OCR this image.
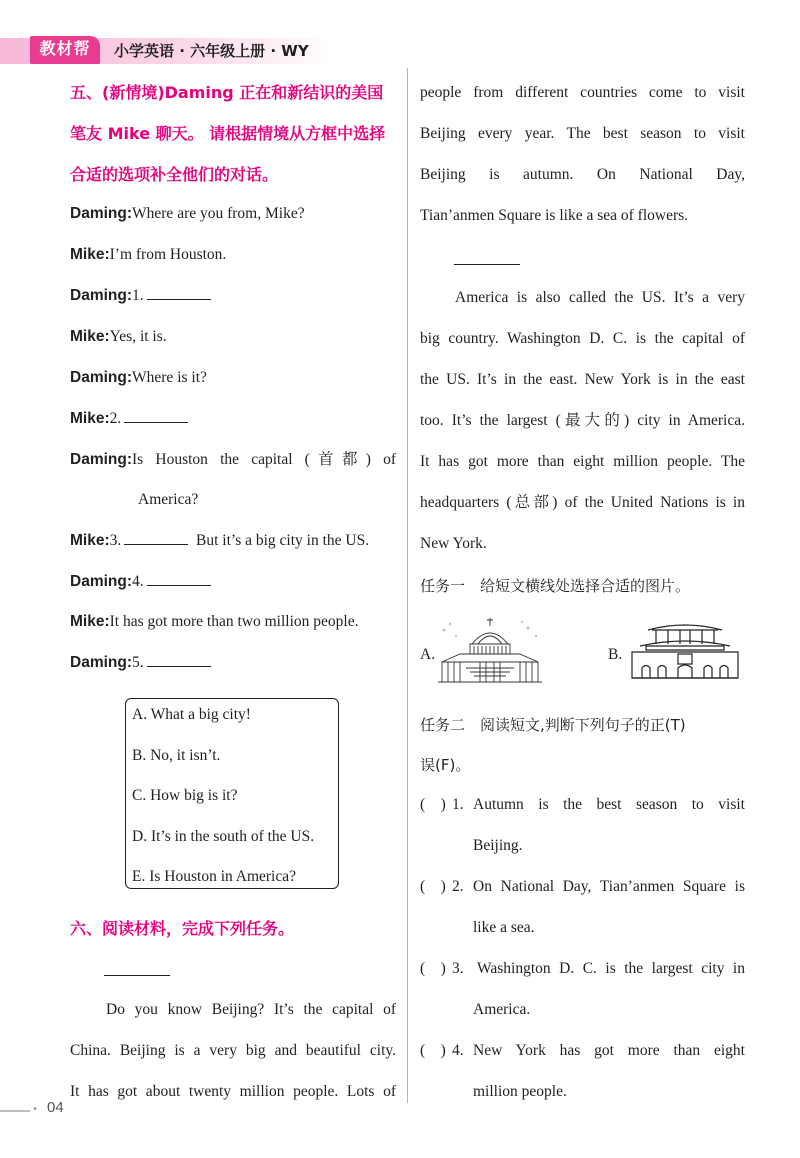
教材帮	小学英语 · 六年级上册 · WY
五、(新情境)Daming 正在和新结识的美国
笔友 Mike 聊天。 请根据情境从方框中选择
合适的选项补全他们的对话。
Daming:Where are you from, Mike?
Mike:I’m from Houston.
Daming:1.
Mike:Yes, it is.
Daming:Where is it?
Mike:2.
Daming:Is Houston the capital (首都) of
America?
Mike:3.	But it’s a big city in the US.
Daming:4.
Mike:It has got more than two million people.
Daming:5.
A. What a big city!
B. No, it isn’t.
C. How big is it?
D. It’s in the south of the US.
E. Is Houston in America?
六、阅读材料，完成下列任务。
Do you know Beijing? It’s the capital of
China. Beijing is a very big and beautiful city.
It has got about twenty million people. Lots of
people from different countries come to visit
Beijing every year. The best season to visit
Beijing is autumn. On National Day,
Tian’anmen Square is like a sea of flowers.
America is also called the US. It’s a very
big country. Washington D. C. is the capital of
the US. It’s in the east. New York is in the east
too. It’s the largest (最大的) city in America.
It has got more than eight million people. The
headquarters (总部) of the United Nations is in
New York.
任务一　给短文横线处选择合适的图片。
A.	B.
任务二　阅读短文,判断下列句子的正(T)
误(F)。
(　) 1. Autumn is the best season to visit
Beijing.
(　) 2. On National Day, Tian’anmen Square is
like a sea.
(　) 3. Washington D. C. is the largest city in
America.
(　) 4. New York has got more than eight
million people.
• 04
